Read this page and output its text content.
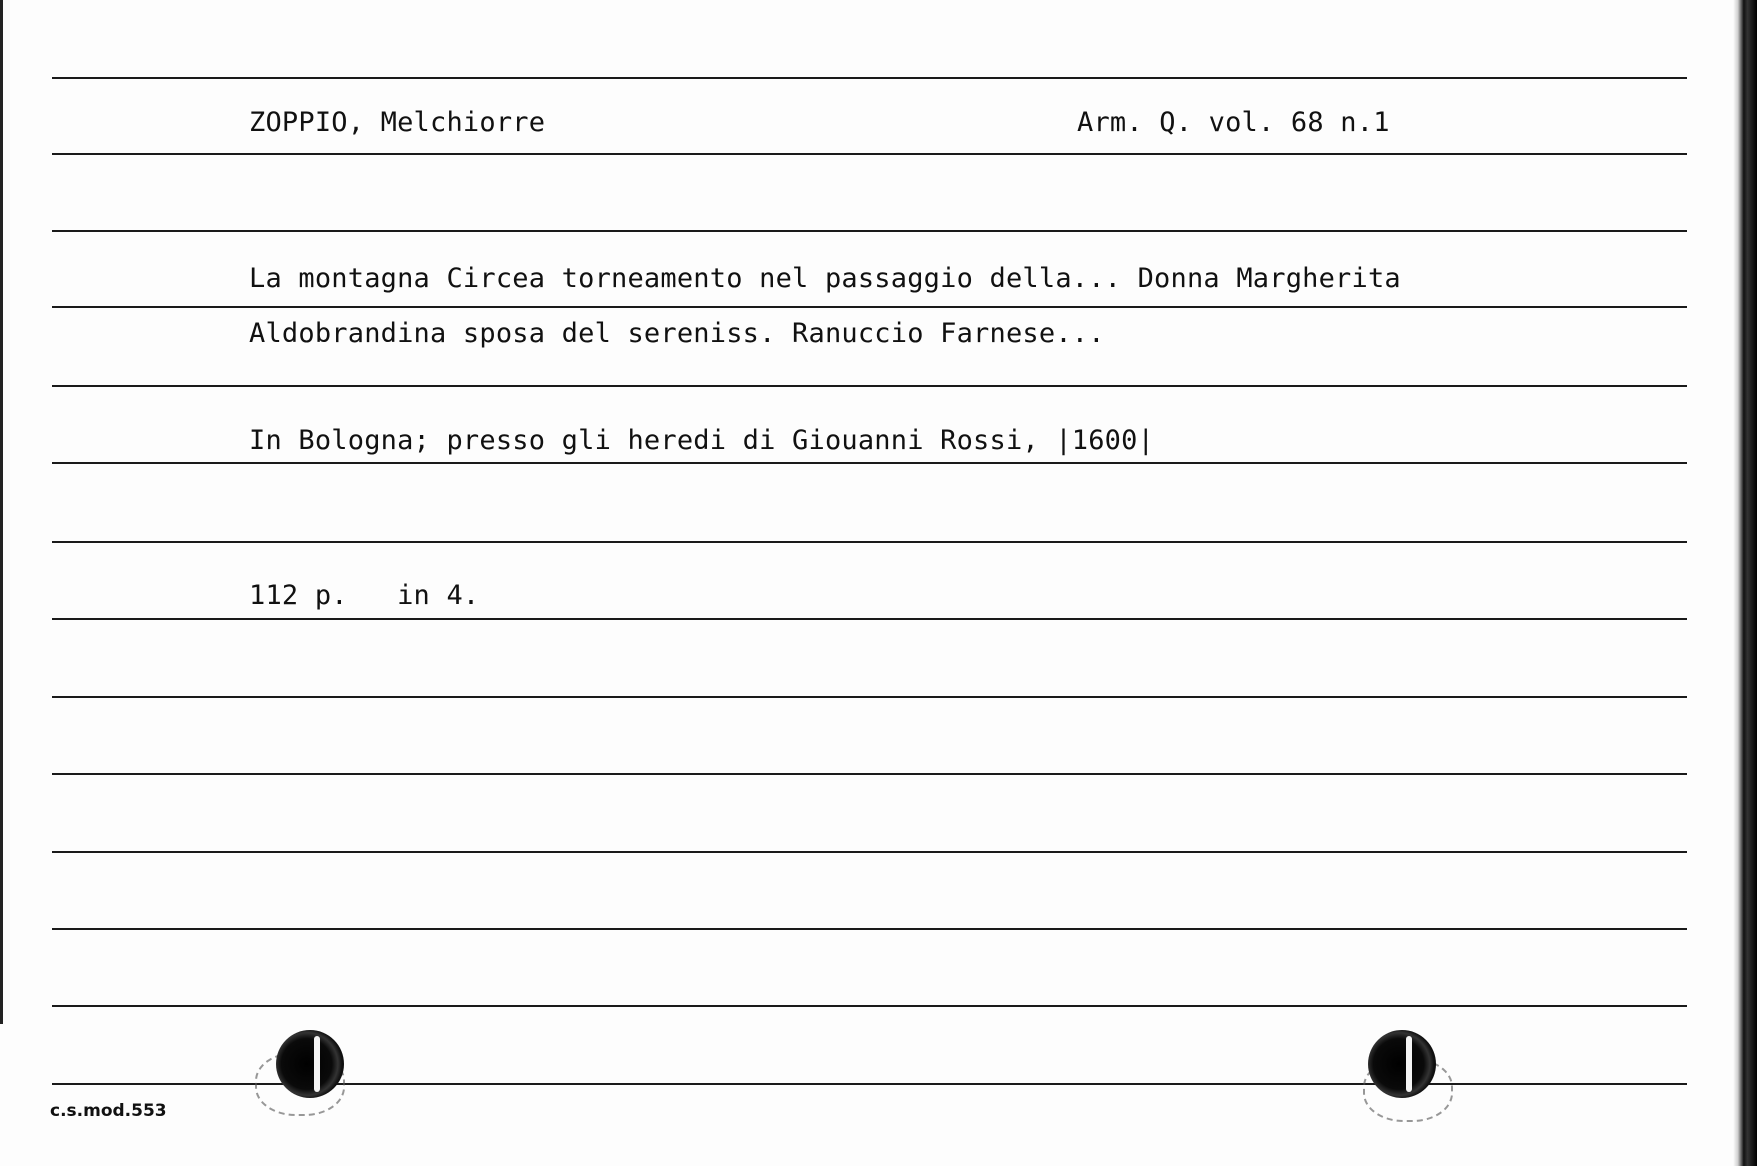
ZOPPIO, Melchiorre	Arm. Q. vol. 68 n.1
La montagna Circea torneamento nel passaggio della... Donna Margherita
Aldobrandina sposa del sereniss. Ranuccio Farnese...
In Bologna; presso gli heredi di Giouanni Rossi, |1600|
112 p.   in 4.
c.s.mod.553
